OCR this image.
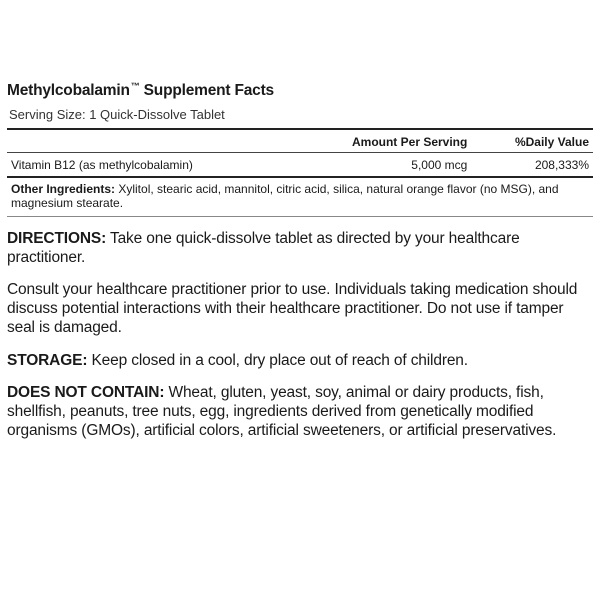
Methylcobalamin™ Supplement Facts
Serving Size: 1 Quick-Dissolve Tablet
	Amount Per Serving	%Daily Value
Vitamin B12 (as methylcobalamin)	5,000 mcg	208,333%
Other Ingredients: Xylitol, stearic acid, mannitol, citric acid, silica, natural orange flavor (no MSG), and magnesium stearate.
DIRECTIONS: Take one quick-dissolve tablet as directed by your healthcare practitioner.
Consult your healthcare practitioner prior to use. Individuals taking medication should discuss potential interactions with their healthcare practitioner. Do not use if tamper seal is damaged.
STORAGE: Keep closed in a cool, dry place out of reach of children.
DOES NOT CONTAIN: Wheat, gluten, yeast, soy, animal or dairy products, fish, shellfish, peanuts, tree nuts, egg, ingredients derived from genetically modified organisms (GMOs), artificial colors, artificial sweeteners, or artificial preservatives.
